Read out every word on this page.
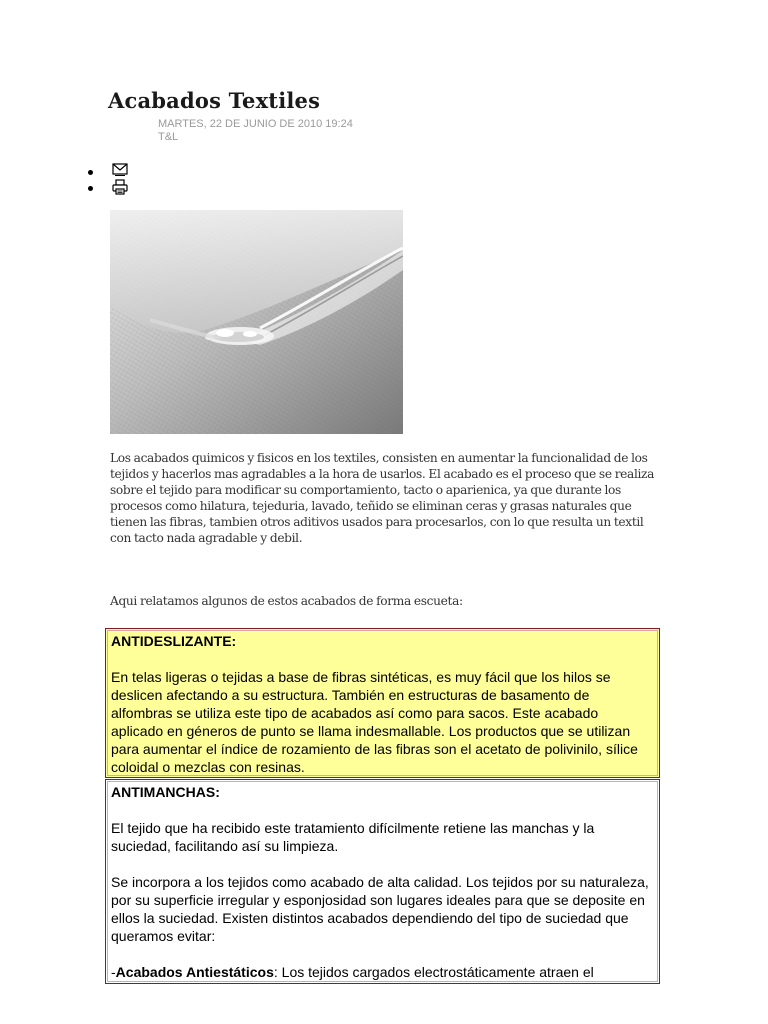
Acabados Textiles
MARTES, 22 DE JUNIO DE 2010 19:24
T&L

Los acabados quimicos y fisicos en los textiles, consisten en aumentar la funcionalidad de los tejidos y hacerlos mas agradables a la hora de usarlos. El acabado es el proceso que se realiza sobre el tejido para modificar su comportamiento, tacto o aparienica, ya que durante los procesos como hilatura, tejeduria, lavado, teñido se eliminan ceras y grasas naturales que tienen las fibras, tambien otros aditivos usados para procesarlos, con lo que resulta un textil con tacto nada agradable y debil.

Aqui relatamos algunos de estos acabados de forma escueta:

ANTIDESLIZANTE:

En telas ligeras o tejidas a base de fibras sintéticas, es muy fácil que los hilos se deslicen afectando a su estructura. También en estructuras de basamento de alfombras se utiliza este tipo de acabados así como para sacos. Este acabado aplicado en géneros de punto se llama indesmallable. Los productos que se utilizan para aumentar el índice de rozamiento de las fibras son el acetato de polivinilo, sílice coloidal o mezclas con resinas.

ANTIMANCHAS:

El tejido que ha recibido este tratamiento difícilmente retiene las manchas y la suciedad, facilitando así su limpieza.

Se incorpora a los tejidos como acabado de alta calidad. Los tejidos por su naturaleza, por su superficie irregular y esponjosidad son lugares ideales para que se deposite en ellos la suciedad. Existen distintos acabados dependiendo del tipo de suciedad que queramos evitar:

-Acabados Antiestáticos: Los tejidos cargados electrostáticamente atraen el
